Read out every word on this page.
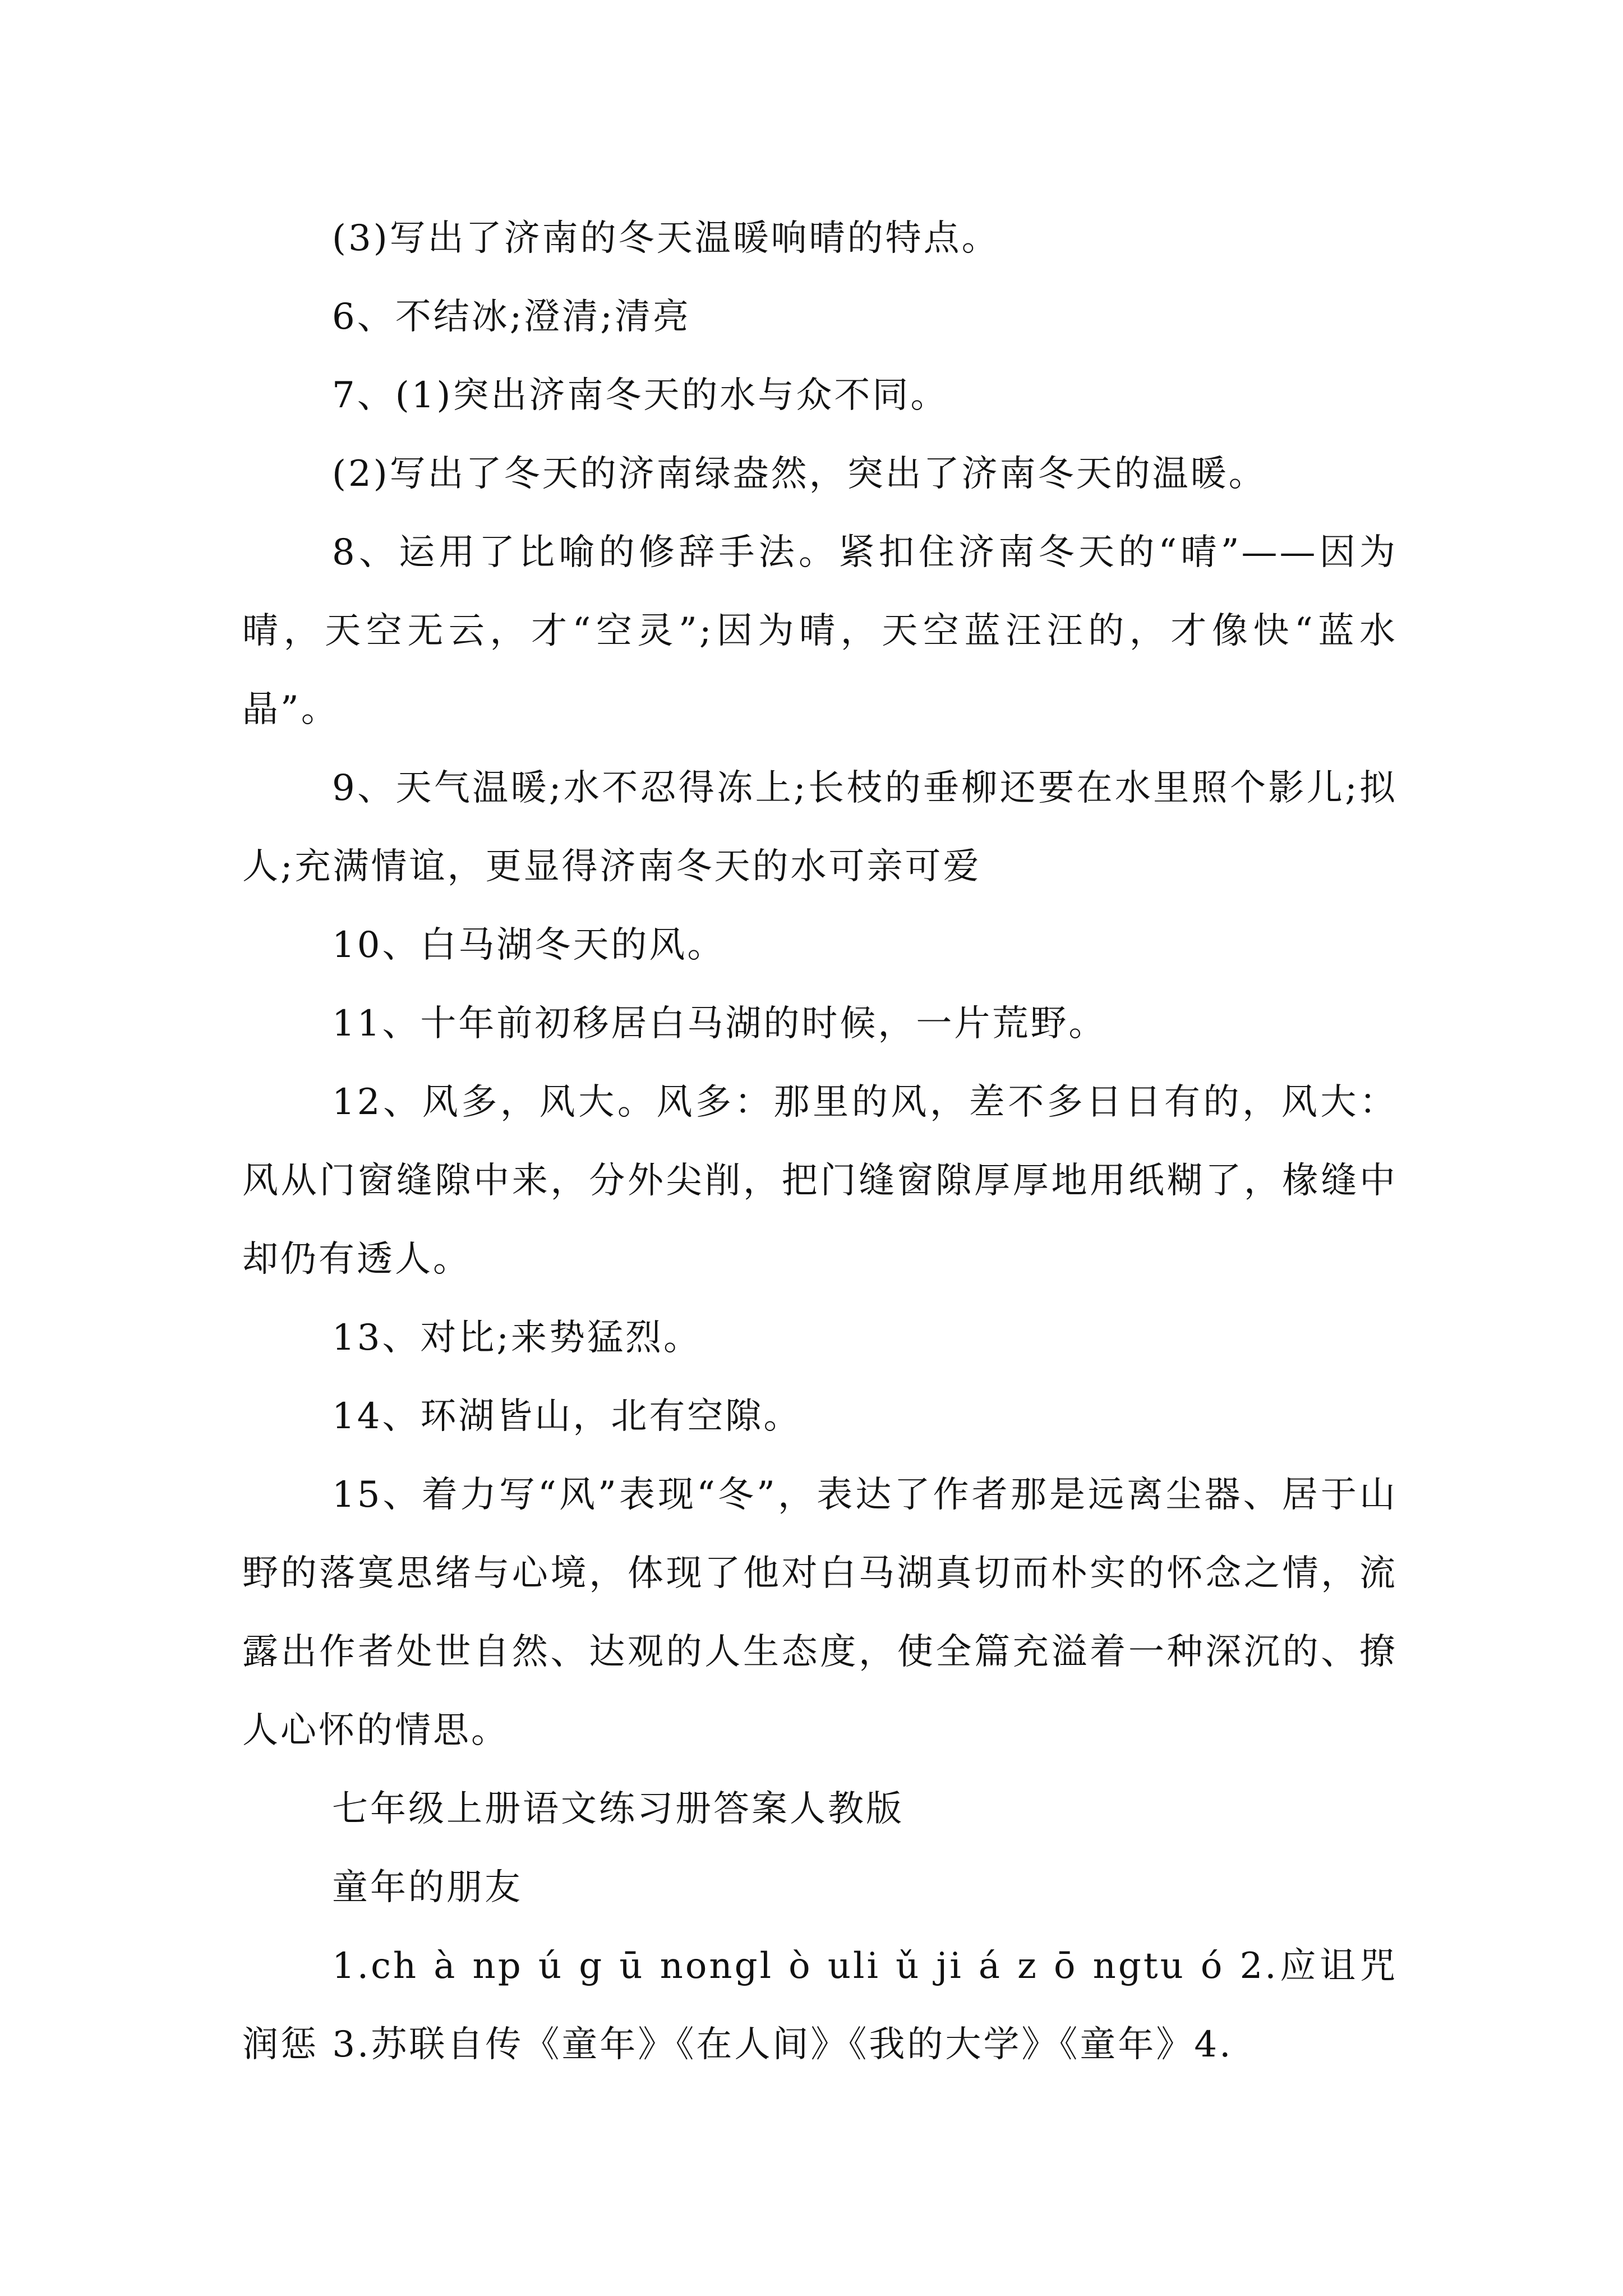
(3)写出了济南的冬天温暖响晴的特点。

6、不结冰;澄清;清亮

7、(1)突出济南冬天的水与众不同。

(2)写出了冬天的济南绿盎然，突出了济南冬天的温暖。

8、运用了比喻的修辞手法。紧扣住济南冬天的“晴”——因为晴，天空无云，才“空灵”;因为晴，天空蓝汪汪的，才像快“蓝水晶”。

9、天气温暖;水不忍得冻上;长枝的垂柳还要在水里照个影儿;拟人;充满情谊，更显得济南冬天的水可亲可爱

10、白马湖冬天的风。

11、十年前初移居白马湖的时候，一片荒野。

12、风多，风大。风多：那里的风，差不多日日有的，风大：风从门窗缝隙中来，分外尖削，把门缝窗隙厚厚地用纸糊了，椽缝中却仍有透人。

13、对比;来势猛烈。

14、环湖皆山，北有空隙。

15、着力写“风”表现“冬”，表达了作者那是远离尘器、居于山野的落寞思绪与心境，体现了他对白马湖真切而朴实的怀念之情，流露出作者处世自然、达观的人生态度，使全篇充溢着一种深沉的、撩人心怀的情思。

七年级上册语文练习册答案人教版

童年的朋友

1.ch à np ú g ū nongl ò uli ǔ ji á z ō ngtu ó 2.应诅咒润惩 3.苏联自传《童年》《在人间》《我的大学》《童年》4.
